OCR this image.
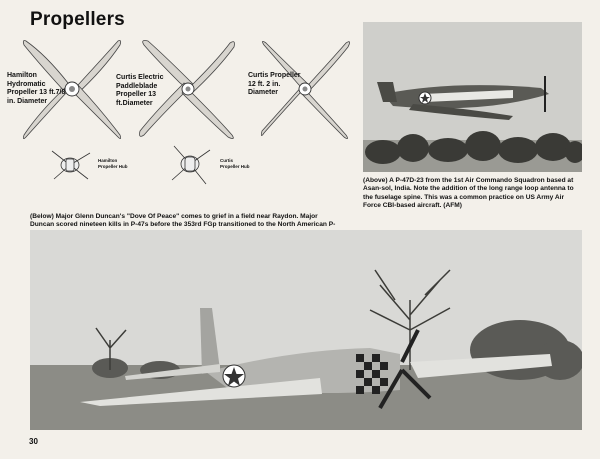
Propellers
Hamilton Hydromatic Propeller 13 ft.7/8 in. Diameter
Curtis Electric Paddleblade Propeller 13 ft.Diameter
Curtis Propeller 12 ft. 2 in. Diameter
Hamilton Propeller Hub
Curtis Propeller Hub
(Above) A P-47D-23 from the 1st Air Commando Squadron based at Asan-sol, India. Note the addition of the long range loop antenna to the fuselage spine. This was a common practice on US Army Air Force CBI-based aircraft. (AFM)
(Below) Major Glenn Duncan's "Dove Of Peace" comes to grief in a field near Raydon. Major Duncan scored nineteen kills in P-47s before the 353rd FGp transitioned to the North American P-
30
